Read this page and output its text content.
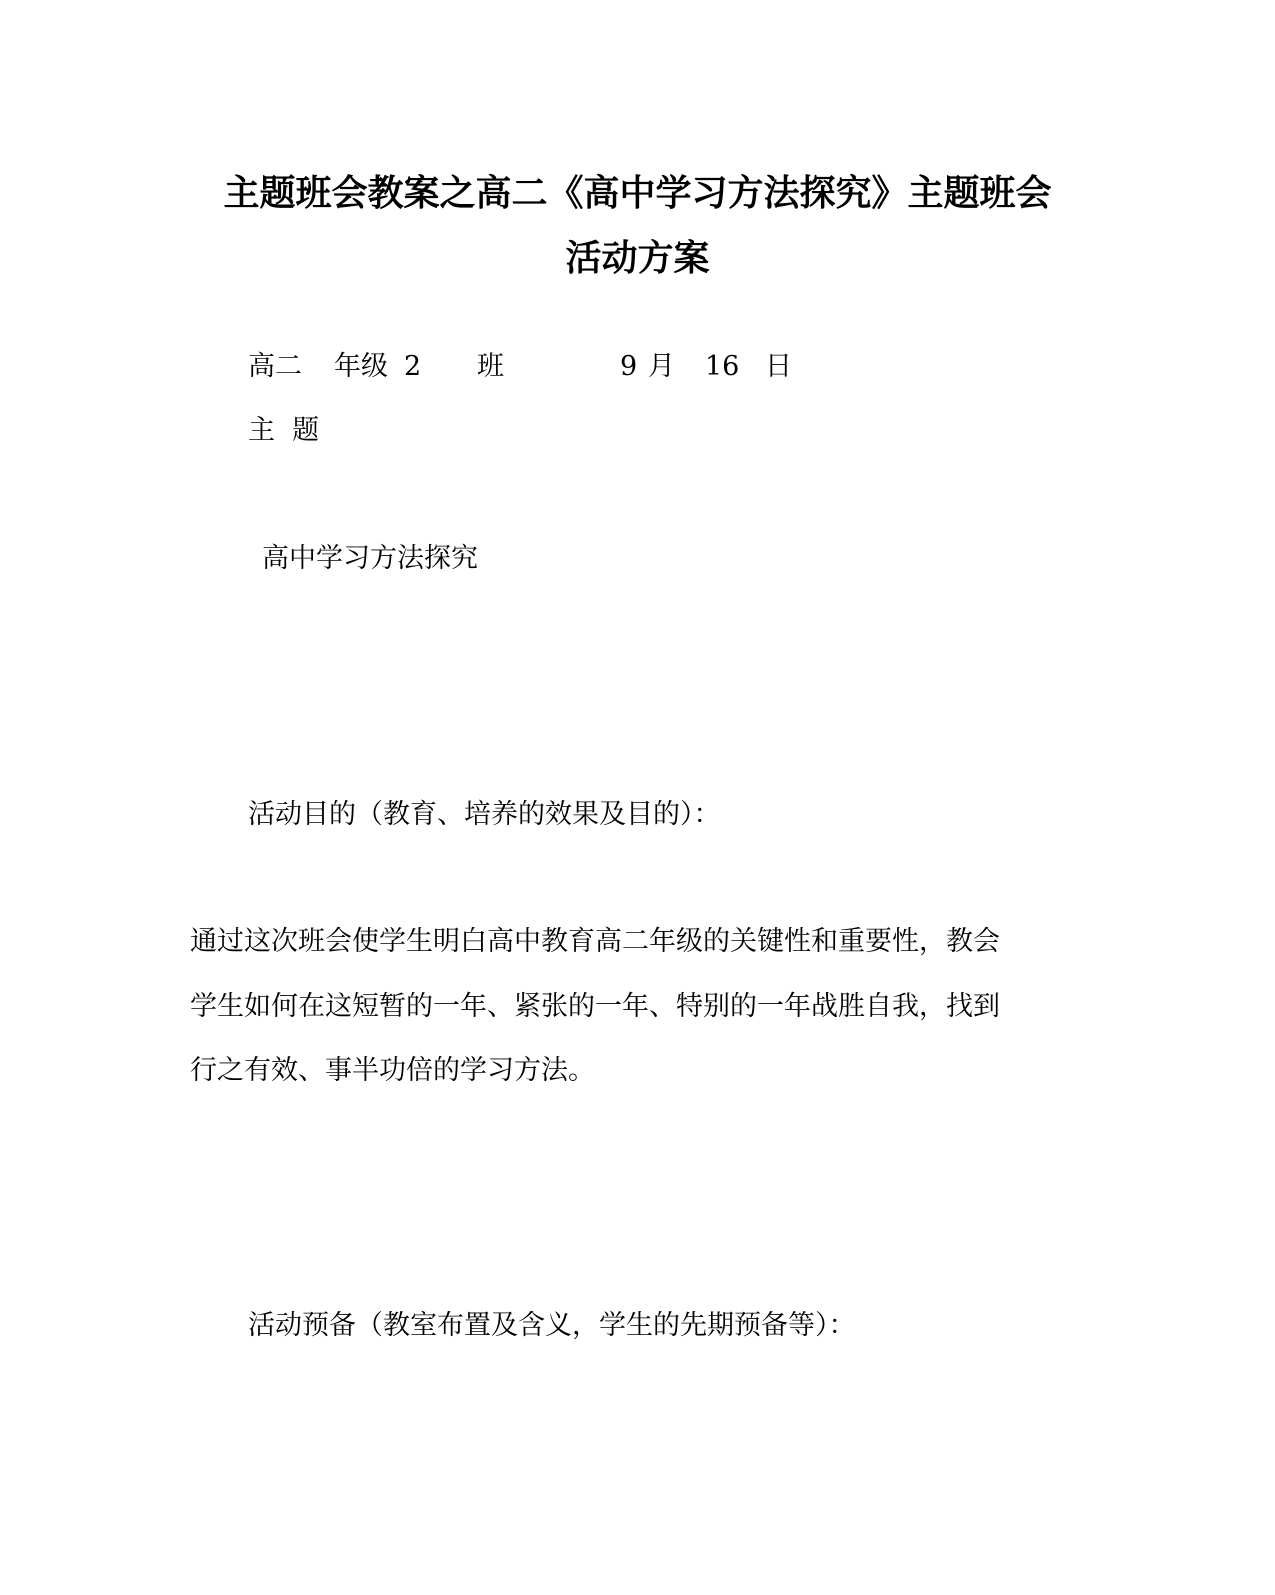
主题班会教案之高二《高中学习方法探究》主题班会
活动方案
高二 年级 2 班	9 月 16 日
主  题
高中学习方法探究
活动目的（教育、培养的效果及目的）：
通过这次班会使学生明白高中教育高二年级的关键性和重要性，教会
学生如何在这短暂的一年、紧张的一年、特别的一年战胜自我，找到
行之有效、事半功倍的学习方法。
活动预备（教室布置及含义，学生的先期预备等）：
